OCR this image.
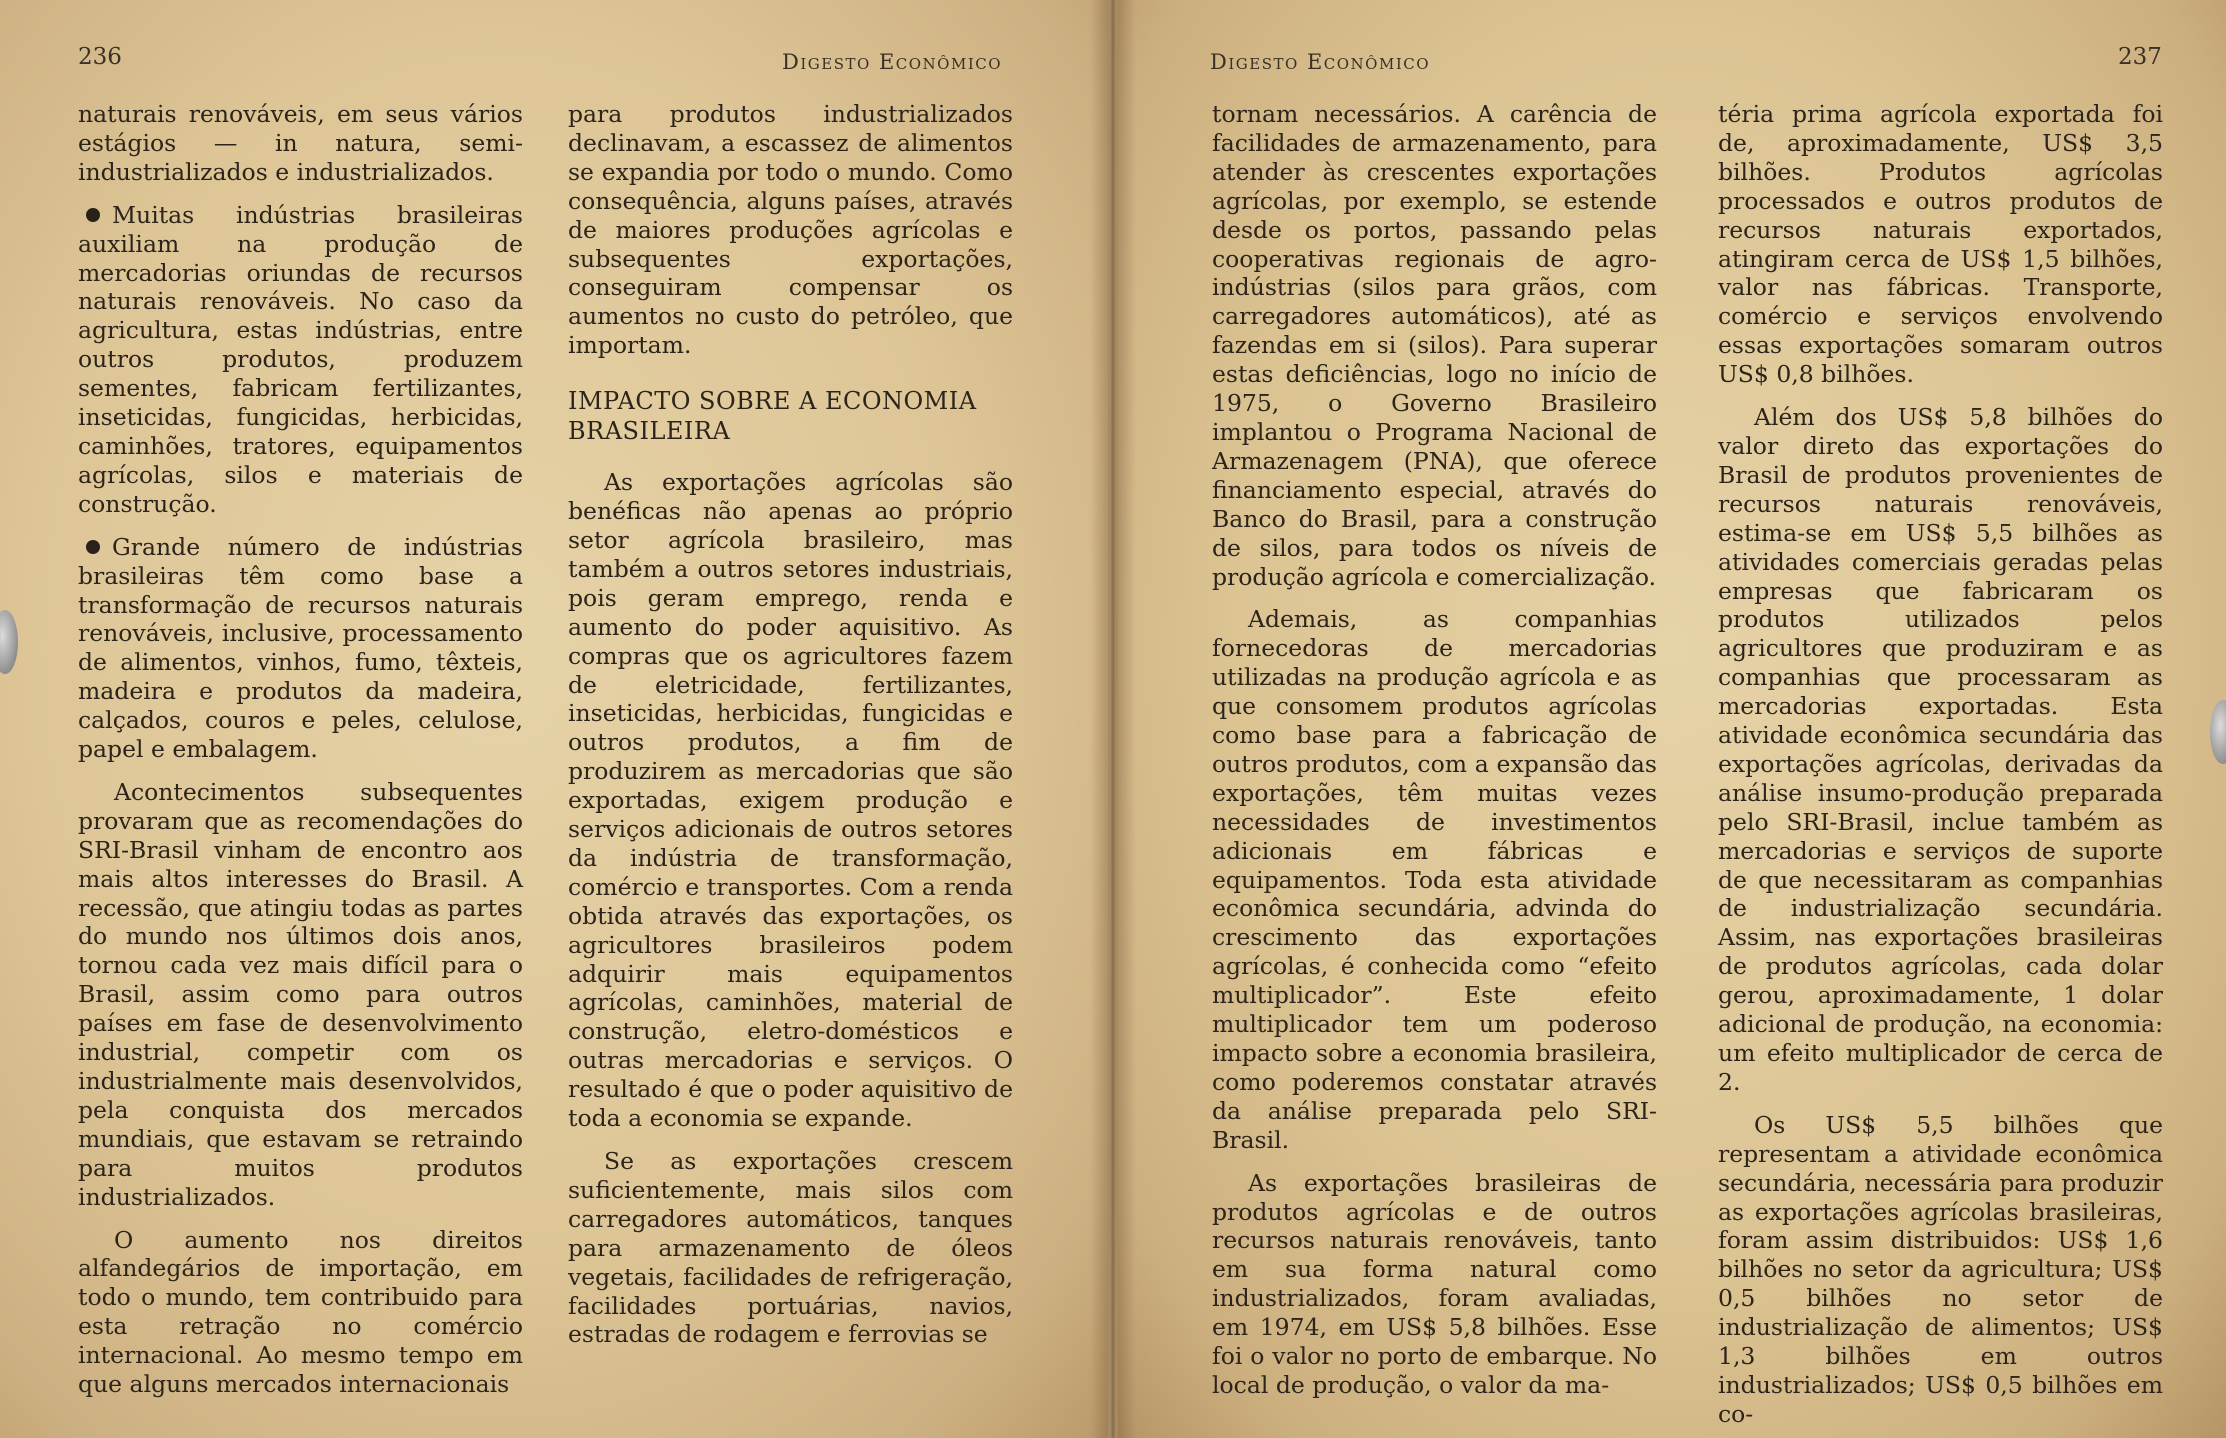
236	Digesto Econômico

naturais renováveis, em seus vários estágios — in natura, semi-industrializados e industrializados.

Muitas indústrias brasileiras auxiliam na produção de mercadorias oriundas de recursos naturais renováveis. No caso da agricultura, estas indústrias, entre outros produtos, produzem sementes, fabricam fertilizantes, inseticidas, fungicidas, herbicidas, caminhões, tratores, equipamentos agrícolas, silos e materiais de construção.

Grande número de indústrias brasileiras têm como base a transformação de recursos naturais renováveis, inclusive, processamento de alimentos, vinhos, fumo, têxteis, madeira e produtos da madeira, calçados, couros e peles, celulose, papel e embalagem.

Acontecimentos subsequentes provaram que as recomendações do SRI-Brasil vinham de encontro aos mais altos interesses do Brasil. A recessão, que atingiu todas as partes do mundo nos últimos dois anos, tornou cada vez mais difícil para o Brasil, assim como para outros países em fase de desenvolvimento industrial, competir com os industrialmente mais desenvolvidos, pela conquista dos mercados mundiais, que estavam se retraindo para muitos produtos industrializados.

O aumento nos direitos alfandegários de importação, em todo o mundo, tem contribuido para esta retração no comércio internacional. Ao mesmo tempo em que alguns mercados internacionais

para produtos industrializados declinavam, a escassez de alimentos se expandia por todo o mundo. Como consequência, alguns países, através de maiores produções agrícolas e subsequentes exportações, conseguiram compensar os aumentos no custo do petróleo, que importam.

IMPACTO SOBRE A ECONOMIA BRASILEIRA

As exportações agrícolas são benéficas não apenas ao próprio setor agrícola brasileiro, mas também a outros setores industriais, pois geram emprego, renda e aumento do poder aquisitivo. As compras que os agricultores fazem de eletricidade, fertilizantes, inseticidas, herbicidas, fungicidas e outros produtos, a fim de produzirem as mercadorias que são exportadas, exigem produção e serviços adicionais de outros setores da indústria de transformação, comércio e transportes. Com a renda obtida através das exportações, os agricultores brasileiros podem adquirir mais equipamentos agrícolas, caminhões, material de construção, eletro-domésticos e outras mercadorias e serviços. O resultado é que o poder aquisitivo de toda a economia se expande.

Se as exportações crescem suficientemente, mais silos com carregadores automáticos, tanques para armazenamento de óleos vegetais, facilidades de refrigeração, facilidades portuárias, navios, estradas de rodagem e ferrovias se

237
Digesto Econômico

tornam necessários. A carência de facilidades de armazenamento, para atender às crescentes exportações agrícolas, por exemplo, se estende desde os portos, passando pelas cooperativas regionais de agro-indústrias (silos para grãos, com carregadores automáticos), até as fazendas em si (silos). Para superar estas deficiências, logo no início de 1975, o Governo Brasileiro implantou o Programa Nacional de Armazenagem (PNA), que oferece financiamento especial, através do Banco do Brasil, para a construção de silos, para todos os níveis de produção agrícola e comercialização.

Ademais, as companhias fornecedoras de mercadorias utilizadas na produção agrícola e as que consomem produtos agrícolas como base para a fabricação de outros produtos, com a expansão das exportações, têm muitas vezes necessidades de investimentos adicionais em fábricas e equipamentos. Toda esta atividade econômica secundária, advinda do crescimento das exportações agrícolas, é conhecida como “efeito multiplicador”. Este efeito multiplicador tem um poderoso impacto sobre a economia brasileira, como poderemos constatar através da análise preparada pelo SRI-Brasil.

As exportações brasileiras de produtos agrícolas e de outros recursos naturais renováveis, tanto em sua forma natural como industrializados, foram avaliadas, em 1974, em US$ 5,8 bilhões. Esse foi o valor no porto de embarque. No local de produção, o valor da ma-

téria prima agrícola exportada foi de, aproximadamente, US$ 3,5 bilhões. Produtos agrícolas processados e outros produtos de recursos naturais exportados, atingiram cerca de US$ 1,5 bilhões, valor nas fábricas. Transporte, comércio e serviços envolvendo essas exportações somaram outros US$ 0,8 bilhões.

Além dos US$ 5,8 bilhões do valor direto das exportações do Brasil de produtos provenientes de recursos naturais renováveis, estima-se em US$ 5,5 bilhões as atividades comerciais geradas pelas empresas que fabricaram os produtos utilizados pelos agricultores que produziram e as companhias que processaram as mercadorias exportadas. Esta atividade econômica secundária das exportações agrícolas, derivadas da análise insumo-produção preparada pelo SRI-Brasil, inclue também as mercadorias e serviços de suporte de que necessitaram as companhias de industrialização secundária. Assim, nas exportações brasileiras de produtos agrícolas, cada dolar gerou, aproximadamente, 1 dolar adicional de produção, na economia: um efeito multiplicador de cerca de 2.

Os US$ 5,5 bilhões que representam a atividade econômica secundária, necessária para produzir as exportações agrícolas brasileiras, foram assim distribuidos: US$ 1,6 bilhões no setor da agricultura; US$ 0,5 bilhões no setor de industrialização de alimentos; US$ 1,3 bilhões em outros industrializados; US$ 0,5 bilhões em co-
